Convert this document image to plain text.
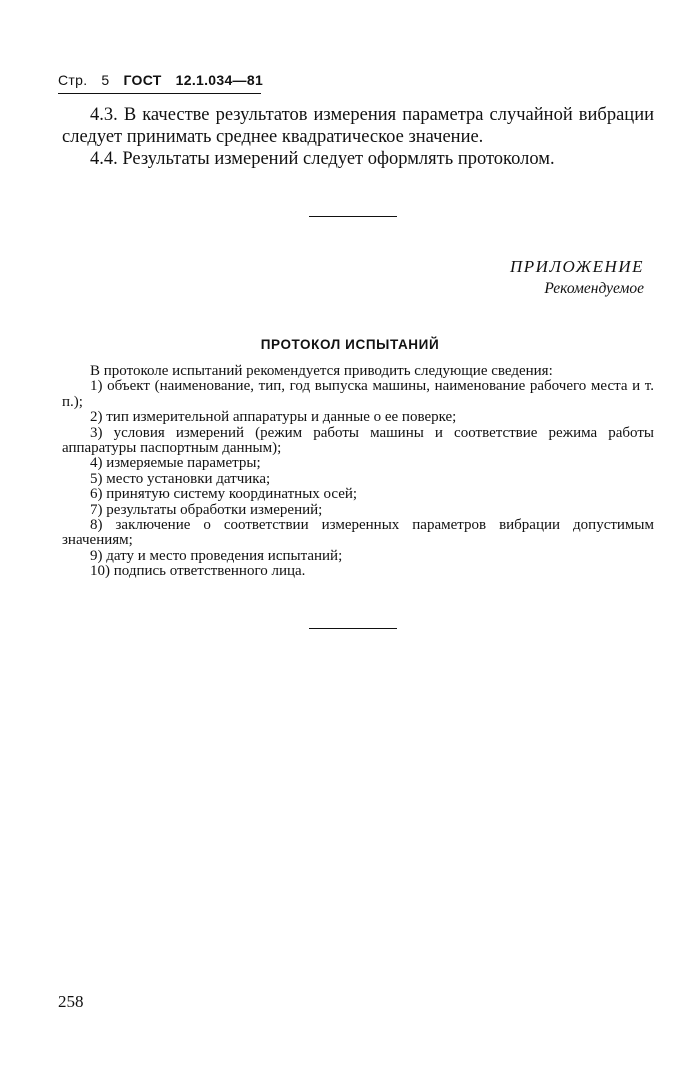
Стр. 5 ГОСТ 12.1.034—81

4.3. В качестве результатов измерения параметра случайной вибрации следует принимать среднее квадратическое значение.

4.4. Результаты измерений следует оформлять протоколом.

ПРИЛОЖЕНИЕ
Рекомендуемое
ПРОТОКОЛ ИСПЫТАНИЙ

В протоколе испытаний рекомендуется приводить следующие сведения:

1) объект (наименование, тип, год выпуска машины, наименование рабочего места и т. п.);

2) тип измерительной аппаратуры и данные о ее поверке;

3) условия измерений (режим работы машины и соответствие режима работы аппаратуры паспортным данным);

4) измеряемые параметры;

5) место установки датчика;

6) принятую систему координатных осей;

7) результаты обработки измерений;

8) заключение о соответствии измеренных параметров вибрации допустимым значениям;

9) дату и место проведения испытаний;

10) подпись ответственного лица.

258
